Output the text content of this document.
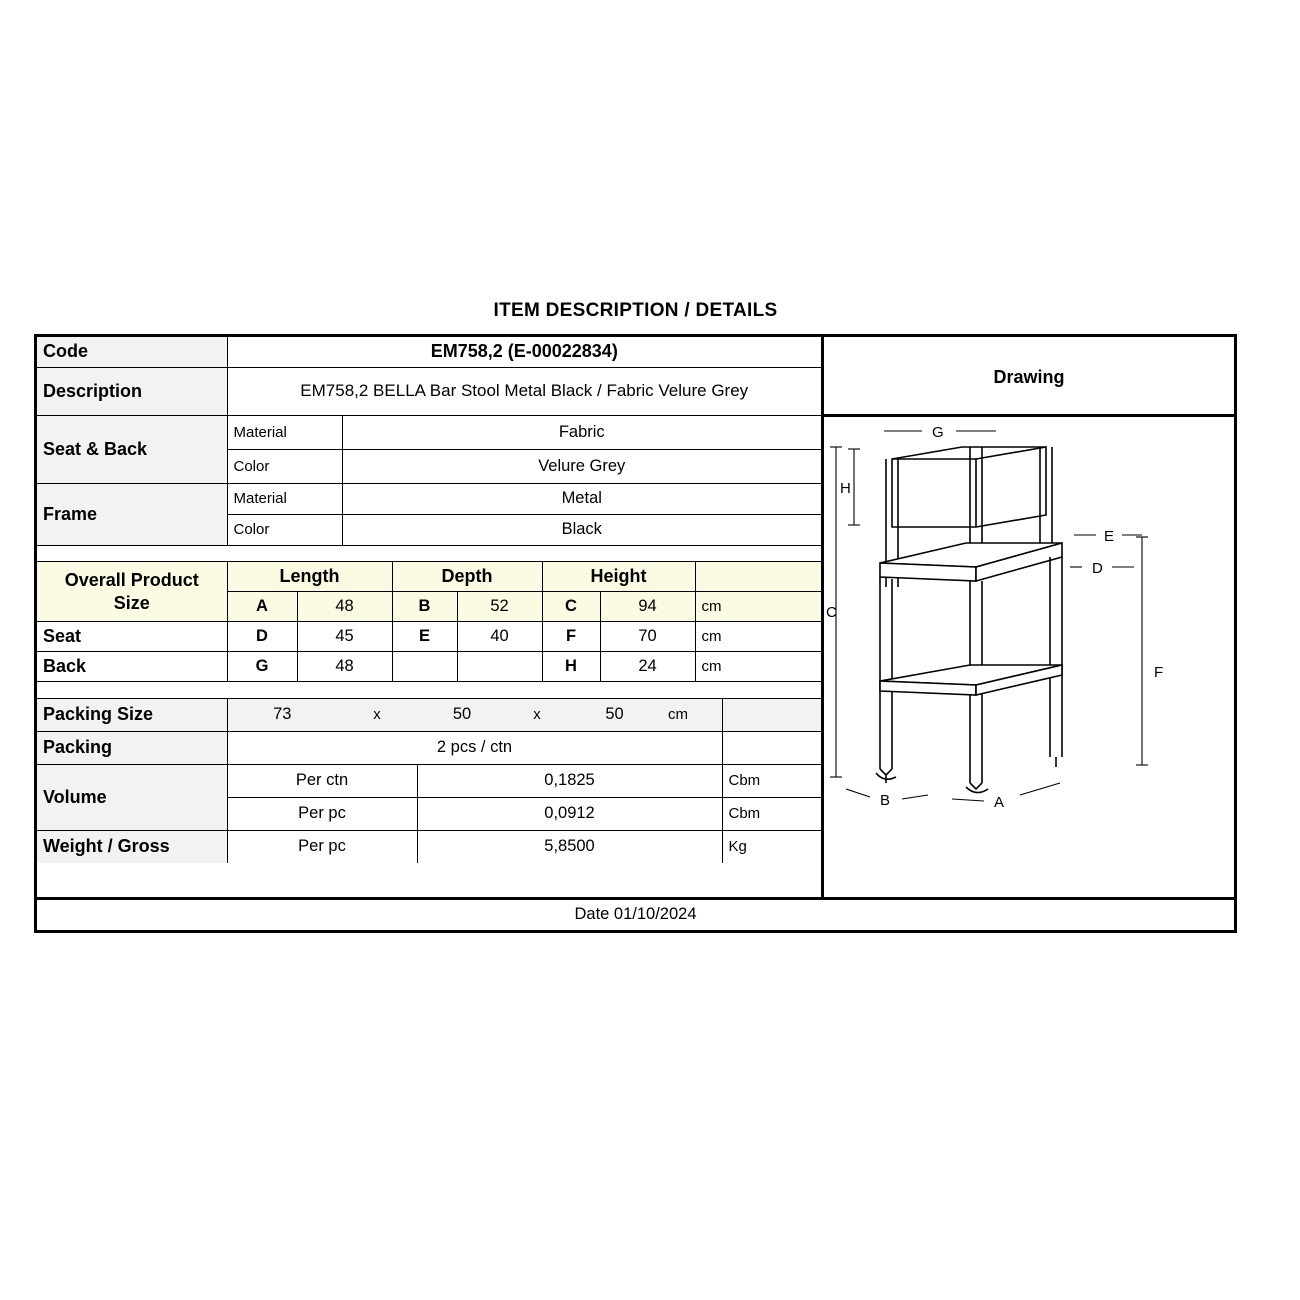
ITEM DESCRIPTION / DETAILS
Code	EM758,2 (E-00022834)	
Description	EM758,2 BELLA Bar Stool Metal Black / Fabric Velure Grey	
Seat & Back	Material	Fabric
	Color	Velure Grey
Frame	Material	Metal
	Color	Black

Overall Product
Size	Length		Depth		Height		
	A	48	B	52	C	94	cm
Seat	D	45	E	40	F	70	cm
Back	G	48			H	24	cm

Packing Size	73	x	50	x	50	cm	
Packing	2 pcs / ctn						
Volume	Per ctn		0,1825				Cbm
	Per pc		0,0912				Cbm
Weight / Gross	Per pc		5,8500				Kg
Drawing
G
H
C
E
D
F
B	A
Date 01/10/2024
